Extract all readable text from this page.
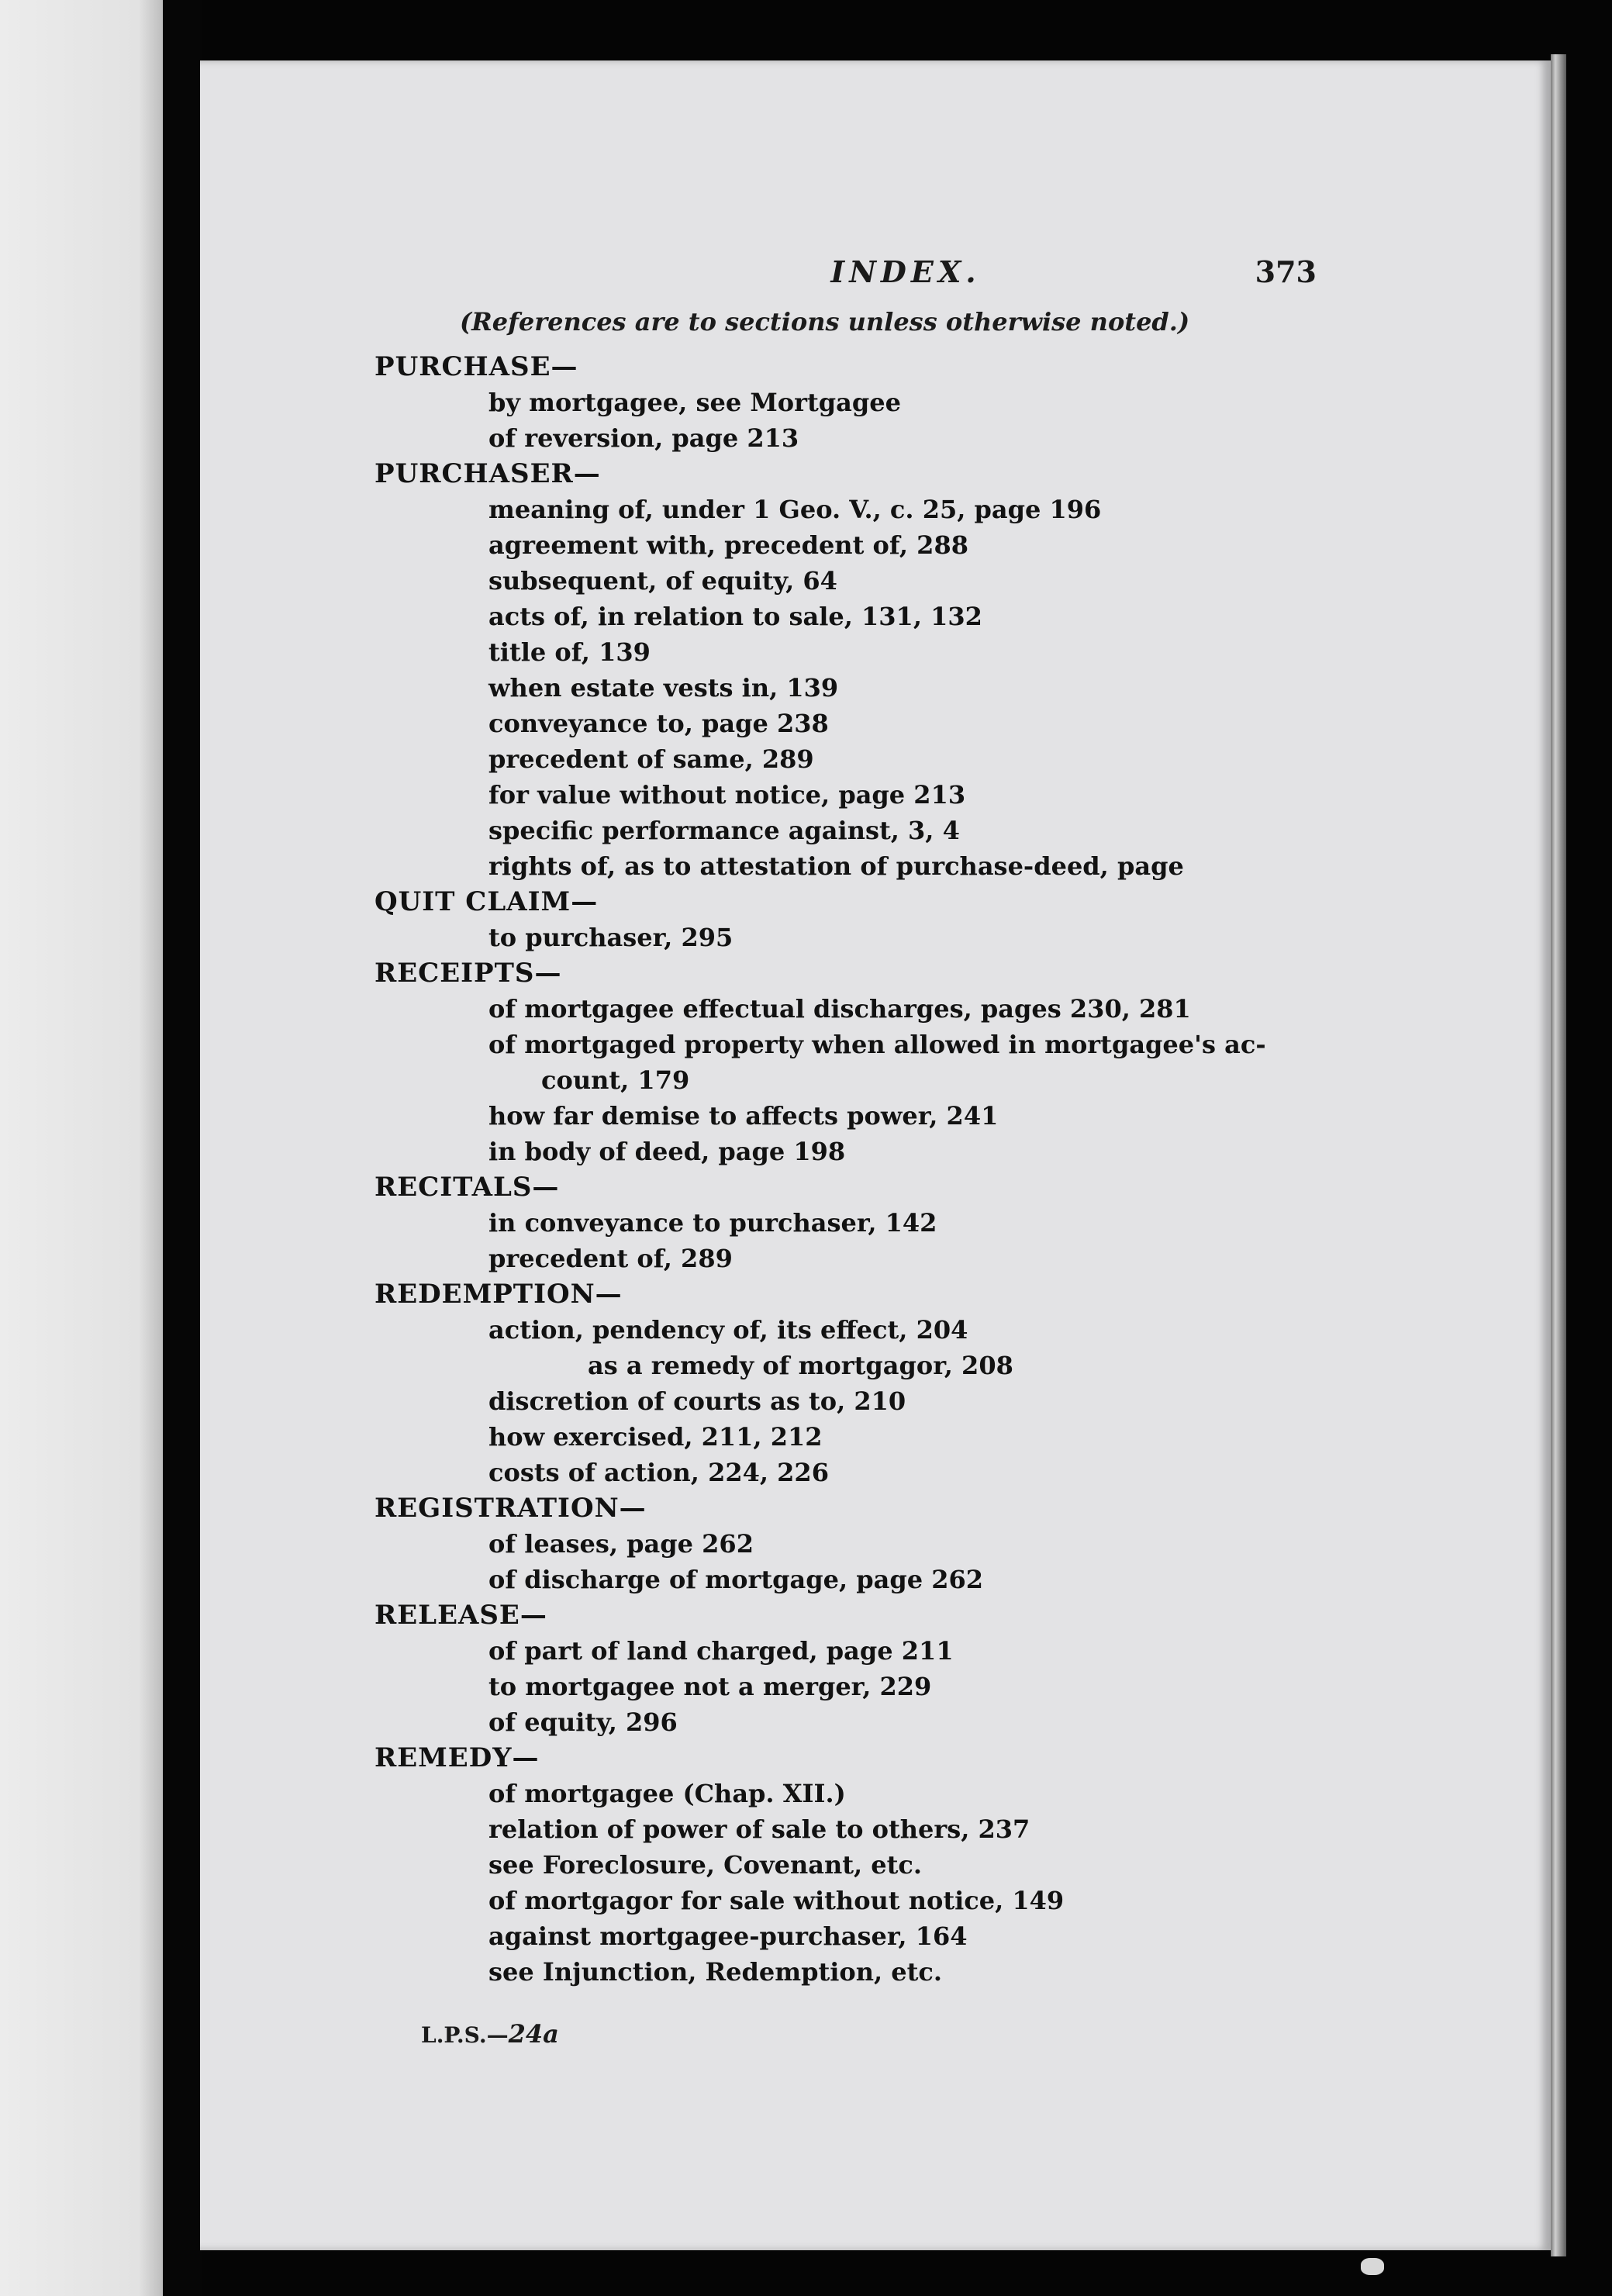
INDEX.	373
(References are to sections unless otherwise noted.)
PURCHASE—
by mortgagee, see Mortgagee
of reversion, page 213
PURCHASER—
meaning of, under 1 Geo. V., c. 25, page 196
agreement with, precedent of, 288
subsequent, of equity, 64
acts of, in relation to sale, 131, 132
title of, 139
when estate vests in, 139
conveyance to, page 238
precedent of same, 289
for value without notice, page 213
specific performance against, 3, 4
rights of, as to attestation of purchase-deed, page
QUIT CLAIM—
to purchaser, 295
RECEIPTS—
of mortgagee effectual discharges, pages 230, 281
of mortgaged property when allowed in mortgagee's ac-
count, 179
how far demise to affects power, 241
in body of deed, page 198
RECITALS—
in conveyance to purchaser, 142
precedent of, 289
REDEMPTION—
action, pendency of, its effect, 204
as a remedy of mortgagor, 208
discretion of courts as to, 210
how exercised, 211, 212
costs of action, 224, 226
REGISTRATION—
of leases, page 262
of discharge of mortgage, page 262
RELEASE—
of part of land charged, page 211
to mortgagee not a merger, 229
of equity, 296
REMEDY—
of mortgagee (Chap. XII.)
relation of power of sale to others, 237
see Foreclosure, Covenant, etc.
of mortgagor for sale without notice, 149
against mortgagee-purchaser, 164
see Injunction, Redemption, etc.
L.P.S.—24a
